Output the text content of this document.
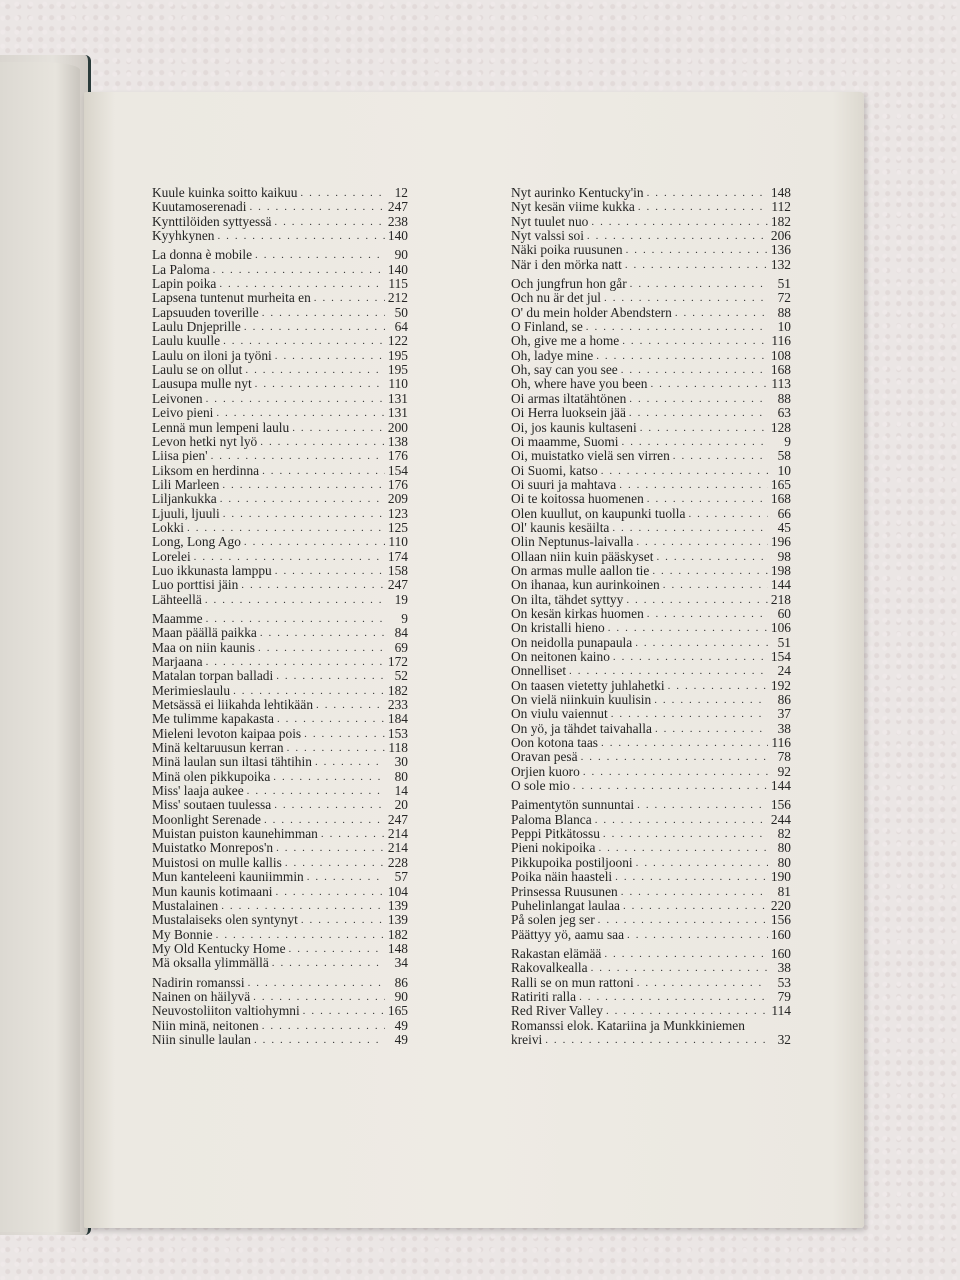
Kuule kuinka soitto kaikuu . . .	12
Kuutamoserenadi . . .	247
Kynttilöiden syttyessä . . .	238
Kyyhkynen . . .	140
La donna è mobile . . .	90
La Paloma . . .	140
Lapin poika . . .	115
Lapsena tuntenut murheita en . . .	212
Lapsuuden toverille . . .	50
Laulu Dnjeprille . . .	64
Laulu kuulle . . .	122
Laulu on iloni ja työni . . .	195
Laulu se on ollut . . .	195
Lausupa mulle nyt . . .	110
Leivonen . . .	131
Leivo pieni . . .	131
Lennä mun lempeni laulu . . .	200
Levon hetki nyt lyö . . .	138
Liisa pien' . . .	176
Liksom en herdinna . . .	154
Lili Marleen . . .	176
Liljankukka . . .	209
Ljuuli, ljuuli . . .	123
Lokki . . .	125
Long, Long Ago . . .	110
Lorelei . . .	174
Luo ikkunasta lamppu . . .	158
Luo porttisi jäin . . .	247
Lähteellä . . .	19
Maamme . . .	9
Maan päällä paikka . . .	84
Maa on niin kaunis . . .	69
Marjaana . . .	172
Matalan torpan balladi . . .	52
Merimieslaulu . . .	182
Metsässä ei liikahda lehtikään . . .	233
Me tulimme kapakasta . . .	184
Mieleni levoton kaipaa pois . . .	153
Minä keltaruusun kerran . . .	118
Minä laulan sun iltasi tähtihin . . .	30
Minä olen pikkupoika . . .	80
Miss' laaja aukee . . .	14
Miss' soutaen tuulessa . . .	20
Moonlight Serenade . . .	247
Muistan puiston kaunehimman . . .	214
Muistatko Monrepos'n . . .	214
Muistosi on mulle kallis . . .	228
Mun kanteleeni kauniimmin . . .	57
Mun kaunis kotimaani . . .	104
Mustalainen . . .	139
Mustalaiseks olen syntynyt . . .	139
My Bonnie . . .	182
My Old Kentucky Home . . .	148
Mä oksalla ylimmällä . . .	34
Nadirin romanssi . . .	86
Nainen on häilyvä . . .	90
Neuvostoliiton valtiohymni . . .	165
Niin minä, neitonen . . .	49
Niin sinulle laulan . . .	49
Nyt aurinko Kentucky'in . . .	148
Nyt kesän viime kukka . . .	112
Nyt tuulet nuo . . .	182
Nyt valssi soi . . .	206
Näki poika ruusunen . . .	136
När i den mörka natt . . .	132
Och jungfrun hon går . . .	51
Och nu är det jul . . .	72
O' du mein holder Abendstern . . .	88
O Finland, se . . .	10
Oh, give me a home . . .	116
Oh, ladye mine . . .	108
Oh, say can you see . . .	168
Oh, where have you been . . .	113
Oi armas iltatähtönen . . .	88
Oi Herra luoksein jää . . .	63
Oi, jos kaunis kultaseni . . .	128
Oi maamme, Suomi . . .	9
Oi, muistatko vielä sen virren . . .	58
Oi Suomi, katso . . .	10
Oi suuri ja mahtava . . .	165
Oi te koitossa huomenen . . .	168
Olen kuullut, on kaupunki tuolla . . .	66
Ol' kaunis kesäilta . . .	45
Olin Neptunus-laivalla . . .	196
Ollaan niin kuin pääskyset . . .	98
On armas mulle aallon tie . . .	198
On ihanaa, kun aurinkoinen . . .	144
On ilta, tähdet syttyy . . .	218
On kesän kirkas huomen . . .	60
On kristalli hieno . . .	106
On neidolla punapaula . . .	51
On neitonen kaino . . .	154
Onnelliset . . .	24
On taasen vietetty juhlahetki . . .	192
On vielä niinkuin kuulisin . . .	86
On viulu vaiennut . . .	37
On yö, ja tähdet taivahalla . . .	38
Oon kotona taas . . .	116
Oravan pesä . . .	78
Orjien kuoro . . .	92
O sole mio . . .	144
Paimentytön sunnuntai . . .	156
Paloma Blanca . . .	244
Peppi Pitkätossu . . .	82
Pieni nokipoika . . .	80
Pikkupoika postiljooni . . .	80
Poika näin haasteli . . .	190
Prinsessa Ruusunen . . .	81
Puhelinlangat laulaa . . .	220
På solen jeg ser . . .	156
Päättyy yö, aamu saa . . .	160
Rakastan elämää . . .	160
Rakovalkealla . . .	38
Ralli se on mun rattoni . . .	53
Ratiriti ralla . . .	79
Red River Valley . . .	114
Romanssi elok. Katariina ja Munkkiniemen
kreivi . . .	32
